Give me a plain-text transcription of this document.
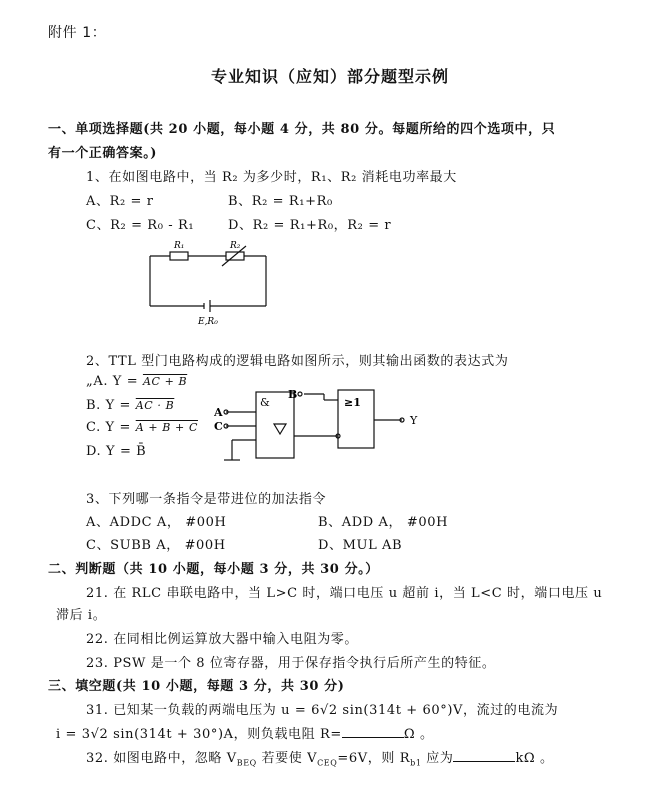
附件 1：
专业知识（应知）部分题型示例
一、单项选择题(共 20 小题，每小题 4 分，共 80 分。每题所给的四个选项中，只
有一个正确答案。)
1、在如图电路中，当 R₂ 为多少时，R₁、R₂ 消耗电功率最大
A、R₂ = r	B、R₂ = R₁+R₀
C、R₂ = R₀ - R₁	D、R₂ = R₁+R₀，R₂ = r
R₁	R₂
E,R₀
2、TTL 型门电路构成的逻辑电路如图所示，则其输出函数的表达式为
„A. Y = AC + B
B. Y = AC · B
C. Y = A + B + C
D. Y = B̄
A
C
B
&	≥1
Y
3、下列哪一条指令是带进位的加法指令
A、ADDC A， #00H	B、ADD A， #00H
C、SUBB A， #00H	D、MUL AB
二、判断题（共 10 小题，每小题 3 分，共 30 分。）
21. 在 RLC 串联电路中，当 L>C 时，端口电压 u 超前 i，当 L<C 时，端口电压 u
滞后 i。
22. 在同相比例运算放大器中输入电阻为零。
23. PSW 是一个 8 位寄存器，用于保存指令执行后所产生的特征。
三、填空题(共 10 小题，每题 3 分，共 30 分)
31. 已知某一负载的两端电压为 u = 6√2 sin(314t + 60°)V，流过的电流为
i = 3√2 sin(314t + 30°)A，则负载电阻 R=	Ω 。
32. 如图电路中，忽略 $V_{BEQ}$ 若要使 $V_{CEQ}=6V$，则 $R_{b1}$ 应为	kΩ 。
